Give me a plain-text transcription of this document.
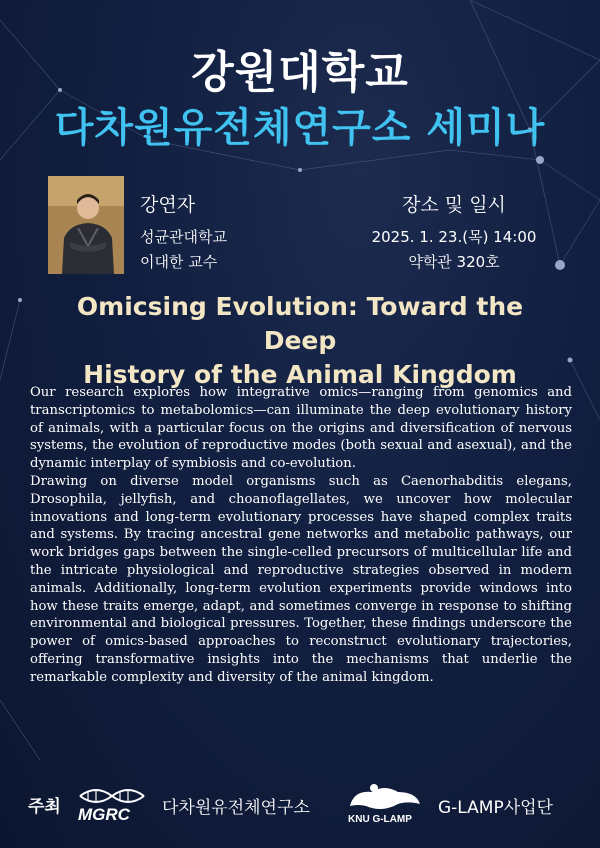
강원대학교
다차원유전체연구소 세미나
강연자
성균관대학교
이대한 교수
장소 및 일시
2025. 1. 23.(목) 14:00
약학관 320호
Omicsing Evolution: Toward the Deep
History of the Animal Kingdom

Our research explores how integrative omics—ranging from genomics and transcriptomics to metabolomics—can illuminate the deep evolutionary history of animals, with a particular focus on the origins and diversification of nervous systems, the evolution of reproductive modes (both sexual and asexual), and the dynamic interplay of symbiosis and co-evolution.

Drawing on diverse model organisms such as Caenorhabditis elegans, Drosophila, jellyfish, and choanoflagellates, we uncover how molecular innovations and long-term evolutionary processes have shaped complex traits and systems. By tracing ancestral gene networks and metabolic pathways, our work bridges gaps between the single-celled precursors of multicellular life and the intricate physiological and reproductive strategies observed in modern animals. Additionally, long-term evolution experiments provide windows into how these traits emerge, adapt, and sometimes converge in response to shifting environmental and biological pressures. Together, these findings underscore the power of omics-based approaches to reconstruct evolutionary trajectories, offering transformative insights into the mechanisms that underlie the remarkable complexity and diversity of the animal kingdom.

주최 MGRC 다차원유전체연구소
KNU G-LAMP
G-LAMP사업단
